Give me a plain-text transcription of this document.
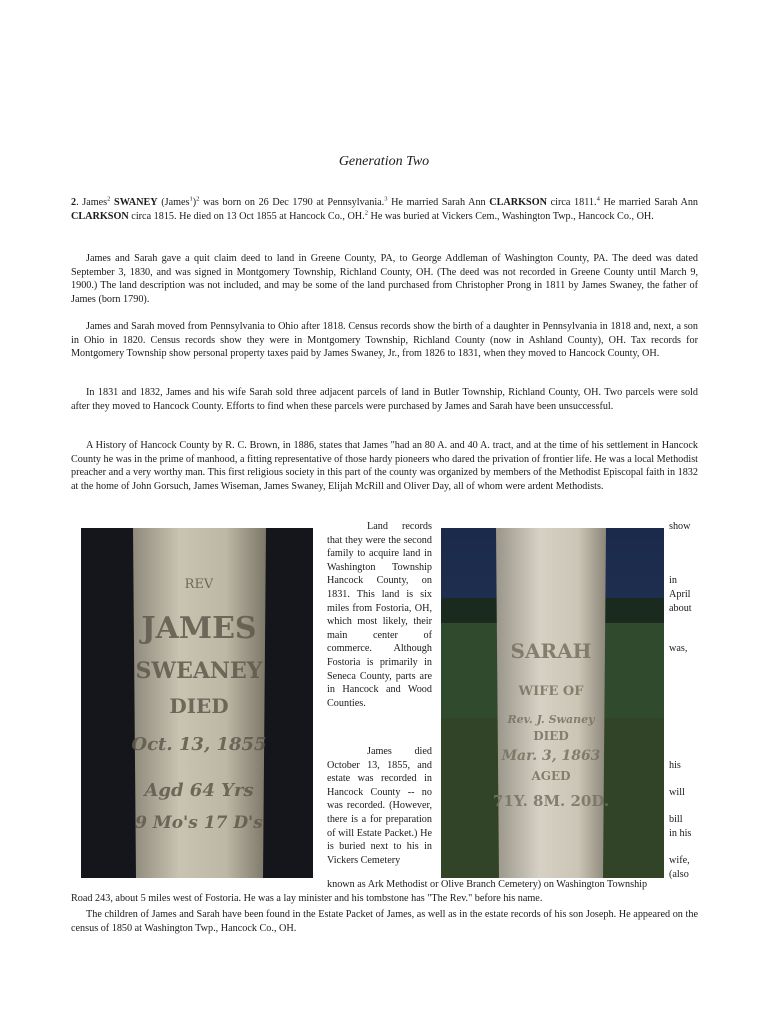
Generation Two
2. James$^2$ SWANEY (James$^1$)$^2$ was born on 26 Dec 1790 at Pennsylvania.$^3$ He married Sarah Ann CLARKSON circa 1811.$^4$ He married Sarah Ann CLARKSON circa 1815. He died on 13 Oct 1855 at Hancock Co., OH.$^2$ He was buried at Vickers Cem., Washington Twp., Hancock Co., OH.

James and Sarah gave a quit claim deed to land in Greene County, PA, to George Addleman of Washington County, PA. The deed was dated September 3, 1830, and was signed in Montgomery Township, Richland County, OH. (The deed was not recorded in Greene County until March 9, 1900.) The land description was not included, and may be some of the land purchased from Christopher Prong in 1811 by James Swaney, the father of James (born 1790).

James and Sarah moved from Pennsylvania to Ohio after 1818. Census records show the birth of a daughter in Pennsylvania in 1818 and, next, a son in Ohio in 1820. Census records show they were in Montgomery Township, Richland County (now in Ashland County), OH. Tax records for Montgomery Township show personal property taxes paid by James Swaney, Jr., from 1826 to 1831, when they moved to Hancock County, OH.

In 1831 and 1832, James and his wife Sarah sold three adjacent parcels of land in Butler Township, Richland County, OH. Two parcels were sold after they moved to Hancock County. Efforts to find when these parcels were purchased by James and Sarah have been unsuccessful.

A History of Hancock County by R. C. Brown, in 1886, states that James "had an 80 A. and 40 A. tract, and at the time of his settlement in Hancock County he was in the prime of manhood, a fitting representative of those hardy pioneers who dared the privation of frontier life. He was a local Methodist preacher and a very worthy man. This first religious society in this part of the county was organized by members of the Methodist Episcopal faith in 1832 at the home of John Gorsuch, James Wiseman, James Swaney, Elijah McRill and Oliver Day, all of whom were ardent Methodists.

REV
JAMES
SWEANEY
DIED
Oct. 13, 1855
Agd 64 Yrs
9 Mo's 17 D's

Land records that they were the second family to acquire land in Washington Township Hancock County, on 1831. This land is six miles from Fostoria, OH, which most likely, their main center of commerce. Although Fostoria is primarily in Seneca County, parts are in Hancock and Wood Counties.

James died October 13, 1855, and estate was recorded in Hancock County -- no was recorded. (However, there is a for preparation of will Estate Packet.) He is buried next to his in Vickers Cemetery

SARAH
WIFE OF
Rev. J. Swaney
DIED
Mar. 3, 1863
AGED
71Y. 8M. 20D.
show
in
April
about
was,
his
will
bill
in his
wife,
(also

known as Ark Methodist or Olive Branch Cemetery) on Washington Township

Road 243, about 5 miles west of Fostoria. He was a lay minister and his tombstone has "The Rev." before his name.

The children of James and Sarah have been found in the Estate Packet of James, as well as in the estate records of his son Joseph. He appeared on the census of 1850 at Washington Twp., Hancock Co., OH.
